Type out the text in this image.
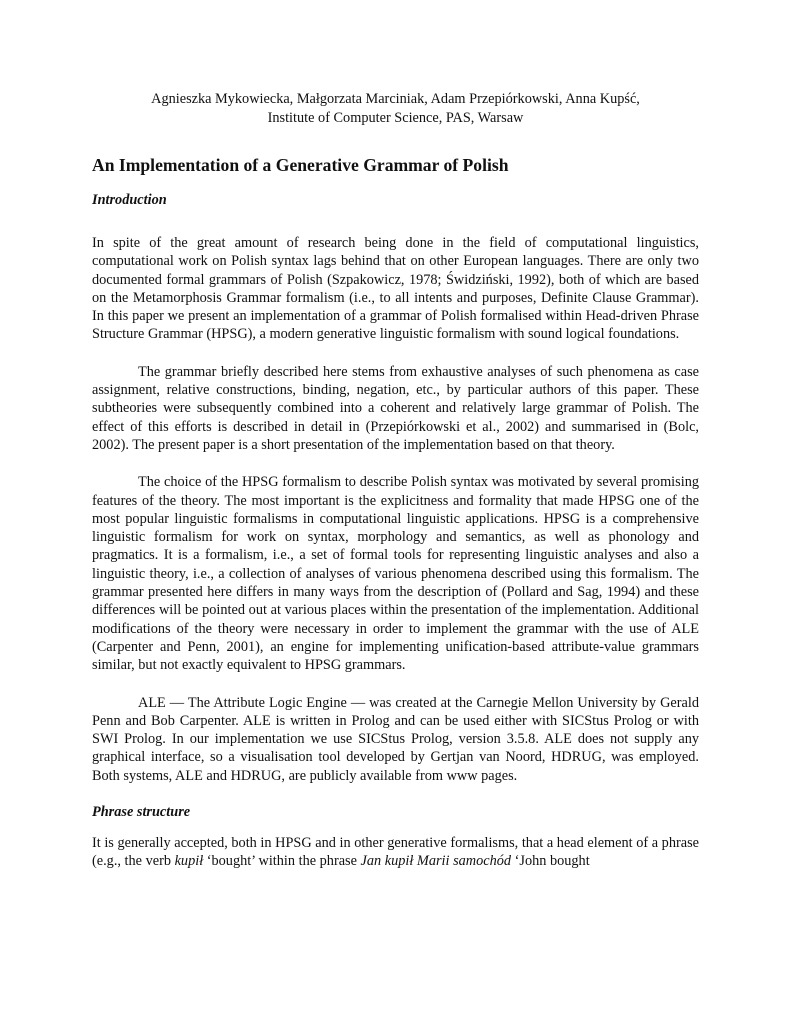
Agnieszka Mykowiecka, Małgorzata Marciniak, Adam Przepiórkowski, Anna Kupść,
Institute of Computer Science, PAS, Warsaw

An Implementation of a Generative Grammar of Polish
Introduction

In spite of the great amount of research being done in the field of computational linguistics, computational work on Polish syntax lags behind that on other European languages. There are only two documented formal grammars of Polish (Szpakowicz, 1978; Świdziński, 1992), both of which are based on the Metamorphosis Grammar formalism (i.e., to all intents and purposes, Definite Clause Grammar). In this paper we present an implementation of a grammar of Polish formalised within Head-driven Phrase Structure Grammar (HPSG), a modern generative linguistic formalism with sound logical foundations.

The grammar briefly described here stems from exhaustive analyses of such phenomena as case assignment, relative constructions, binding, negation, etc., by particular authors of this paper. These subtheories were subsequently combined into a coherent and relatively large grammar of Polish. The effect of this efforts is described in detail in (Przepiórkowski et al., 2002) and summarised in (Bolc, 2002). The present paper is a short presentation of the implementation based on that theory.

The choice of the HPSG formalism to describe Polish syntax was motivated by several promising features of the theory. The most important is the explicitness and formality that made HPSG one of the most popular linguistic formalisms in computational linguistic applications. HPSG is a comprehensive linguistic formalism for work on syntax, morphology and semantics, as well as phonology and pragmatics. It is a formalism, i.e., a set of formal tools for representing linguistic analyses and also a linguistic theory, i.e., a collection of analyses of various phenomena described using this formalism. The grammar presented here differs in many ways from the description of (Pollard and Sag, 1994) and these differences will be pointed out at various places within the presentation of the implementation. Additional modifications of the theory were necessary in order to implement the grammar with the use of ALE (Carpenter and Penn, 2001), an engine for implementing unification-based attribute-value grammars similar, but not exactly equivalent to HPSG grammars.

ALE — The Attribute Logic Engine — was created at the Carnegie Mellon University by Gerald Penn and Bob Carpenter. ALE is written in Prolog and can be used either with SICStus Prolog or with SWI Prolog. In our implementation we use SICStus Prolog, version 3.5.8. ALE does not supply any graphical interface, so a visualisation tool developed by Gertjan van Noord, HDRUG, was employed. Both systems, ALE and HDRUG, are publicly available from www pages.

Phrase structure

It is generally accepted, both in HPSG and in other generative formalisms, that a head element of a phrase (e.g., the verb kupił ‘bought’ within the phrase Jan kupił Marii samochód ‘John bought
